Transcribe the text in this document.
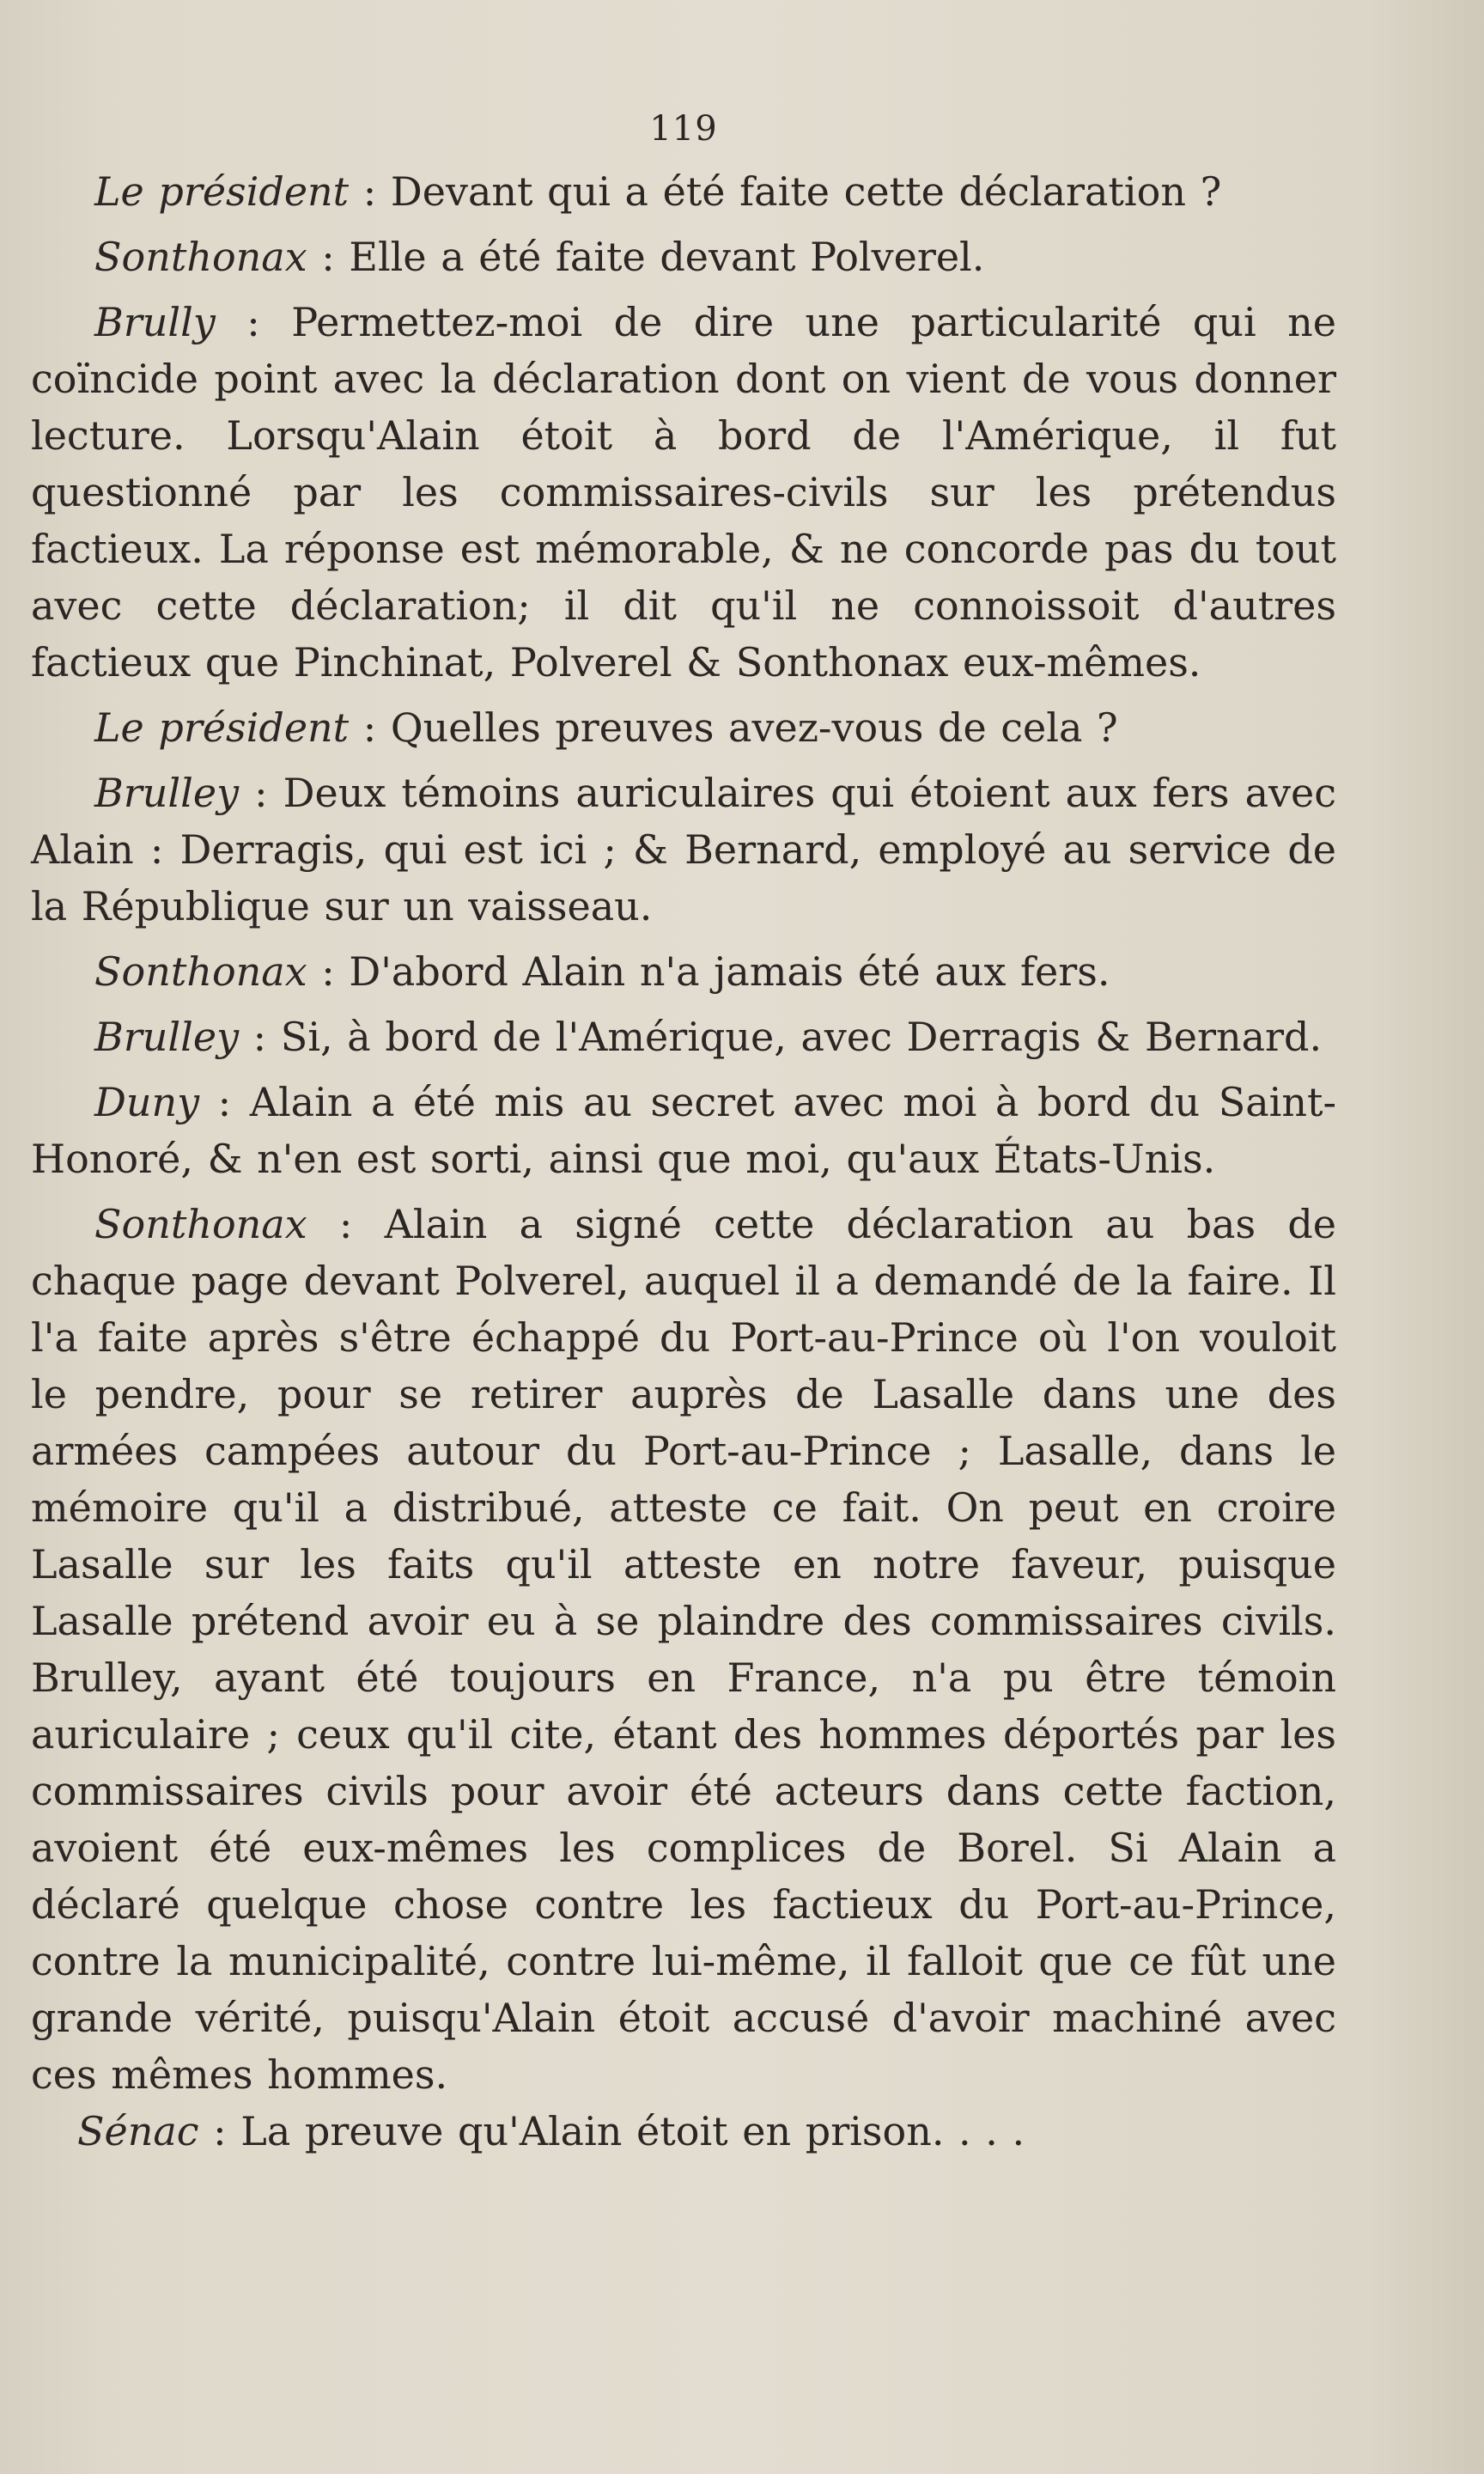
119

Le président : Devant qui a été faite cette déclaration ?

Sonthonax : Elle a été faite devant Polverel.

Brully : Permettez-moi de dire une particularité qui ne coïncide point avec la déclaration dont on vient de vous donner lecture. Lorsqu'Alain étoit à bord de l'Amérique, il fut questionné par les commissaires-civils sur les prétendus factieux. La réponse est mémorable, & ne concorde pas du tout avec cette déclaration; il dit qu'il ne connoissoit d'autres factieux que Pinchinat, Polverel & Sonthonax eux-mêmes.

Le président : Quelles preuves avez-vous de cela ?

Brulley : Deux témoins auriculaires qui étoient aux fers avec Alain : Derragis, qui est ici ; & Bernard, employé au service de la République sur un vaisseau.

Sonthonax : D'abord Alain n'a jamais été aux fers.

Brulley : Si, à bord de l'Amérique, avec Derragis & Bernard.

Duny : Alain a été mis au secret avec moi à bord du Saint-Honoré, & n'en est sorti, ainsi que moi, qu'aux États-Unis.

Sonthonax : Alain a signé cette déclaration au bas de chaque page devant Polverel, auquel il a demandé de la faire. Il l'a faite après s'être échappé du Port-au-Prince où l'on vouloit le pendre, pour se retirer auprès de Lasalle dans une des armées campées autour du Port-au-Prince ; Lasalle, dans le mémoire qu'il a distribué, atteste ce fait. On peut en croire Lasalle sur les faits qu'il atteste en notre faveur, puisque Lasalle prétend avoir eu à se plaindre des commissaires civils. Brulley, ayant été toujours en France, n'a pu être témoin auriculaire ; ceux qu'il cite, étant des hommes déportés par les commissaires civils pour avoir été acteurs dans cette faction, avoient été eux-mêmes les complices de Borel. Si Alain a déclaré quelque chose contre les factieux du Port-au-Prince, contre la municipalité, contre lui-même, il falloit que ce fût une grande vérité, puisqu'Alain étoit accusé d'avoir machiné avec ces mêmes hommes.

Sénac : La preuve qu'Alain étoit en prison. . . .
